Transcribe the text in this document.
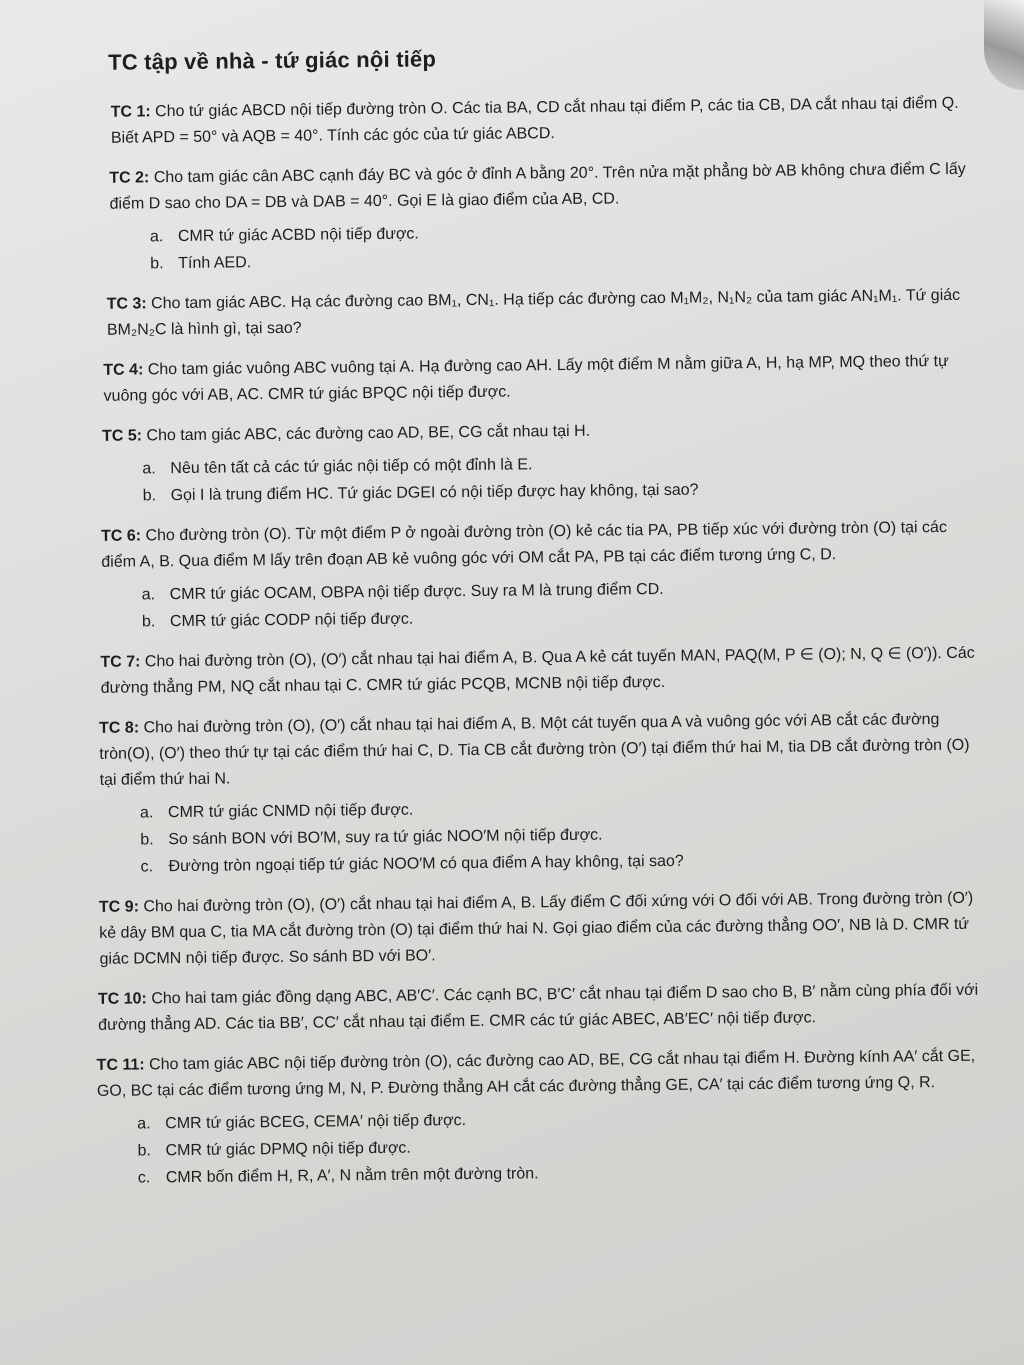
TC tập về nhà - tứ giác nội tiếp
TC 1: Cho tứ giác ABCD nội tiếp đường tròn O. Các tia BA, CD cắt nhau tại điểm P, các tia CB, DA cắt nhau tại điểm Q. Biết APD = 50° và AQB = 40°. Tính các góc của tứ giác ABCD.
TC 2: Cho tam giác cân ABC cạnh đáy BC và góc ở đỉnh A bằng 20°. Trên nửa mặt phẳng bờ AB không chưa điểm C lấy điểm D sao cho DA = DB và DAB = 40°. Gọi E là giao điểm của AB, CD.
a. CMR tứ giác ACBD nội tiếp được.
b. Tính AED.
TC 3: Cho tam giác ABC. Hạ các đường cao BM₁, CN₁. Hạ tiếp các đường cao M₁M₂, N₁N₂ của tam giác AN₁M₁. Tứ giác BM₂N₂C là hình gì, tại sao?
TC 4: Cho tam giác vuông ABC vuông tại A. Hạ đường cao AH. Lấy một điểm M nằm giữa A, H, hạ MP, MQ theo thứ tự vuông góc với AB, AC. CMR tứ giác BPQC nội tiếp được.
TC 5: Cho tam giác ABC, các đường cao AD, BE, CG cắt nhau tại H.
a. Nêu tên tất cả các tứ giác nội tiếp có một đỉnh là E.
b. Gọi I là trung điểm HC. Tứ giác DGEI có nội tiếp được hay không, tại sao?
TC 6: Cho đường tròn (O). Từ một điểm P ở ngoài đường tròn (O) kẻ các tia PA, PB tiếp xúc với đường tròn (O) tại các điểm A, B. Qua điểm M lấy trên đoạn AB kẻ vuông góc với OM cắt PA, PB tại các điểm tương ứng C, D.
a. CMR tứ giác OCAM, OBPA nội tiếp được. Suy ra M là trung điểm CD.
b. CMR tứ giác CODP nội tiếp được.
TC 7: Cho hai đường tròn (O), (O′) cắt nhau tại hai điểm A, B. Qua A kẻ cát tuyến MAN, PAQ(M, P ∈ (O); N, Q ∈ (O′)). Các đường thẳng PM, NQ cắt nhau tại C. CMR tứ giác PCQB, MCNB nội tiếp được.
TC 8: Cho hai đường tròn (O), (O′) cắt nhau tại hai điểm A, B. Một cát tuyến qua A và vuông góc với AB cắt các đường tròn(O), (O′) theo thứ tự tại các điểm thứ hai C, D. Tia CB cắt đường tròn (O′) tại điểm thứ hai M, tia DB cắt đường tròn (O) tại điểm thứ hai N.
a. CMR tứ giác CNMD nội tiếp được.
b. So sánh BON với BO′M, suy ra tứ giác NOO′M nội tiếp được.
c. Đường tròn ngoại tiếp tứ giác NOO′M có qua điểm A hay không, tại sao?
TC 9: Cho hai đường tròn (O), (O′) cắt nhau tại hai điểm A, B. Lấy điểm C đối xứng với O đối với AB. Trong đường tròn (O′) kẻ dây BM qua C, tia MA cắt đường tròn (O) tại điểm thứ hai N. Gọi giao điểm của các đường thẳng OO′, NB là D. CMR tứ giác DCMN nội tiếp được. So sánh BD với BO′.
TC 10: Cho hai tam giác đồng dạng ABC, AB′C′. Các cạnh BC, B′C′ cắt nhau tại điểm D sao cho B, B′ nằm cùng phía đối với đường thẳng AD. Các tia BB′, CC′ cắt nhau tại điểm E. CMR các tứ giác ABEC, AB′EC′ nội tiếp được.
TC 11: Cho tam giác ABC nội tiếp đường tròn (O), các đường cao AD, BE, CG cắt nhau tại điểm H. Đường kính AA′ cắt GE, GO, BC tại các điểm tương ứng M, N, P. Đường thẳng AH cắt các đường thẳng GE, CA′ tại các điểm tương ứng Q, R.
a. CMR tứ giác BCEG, CEMA′ nội tiếp được.
b. CMR tứ giác DPMQ nội tiếp được.
c. CMR bốn điểm H, R, A′, N nằm trên một đường tròn.
